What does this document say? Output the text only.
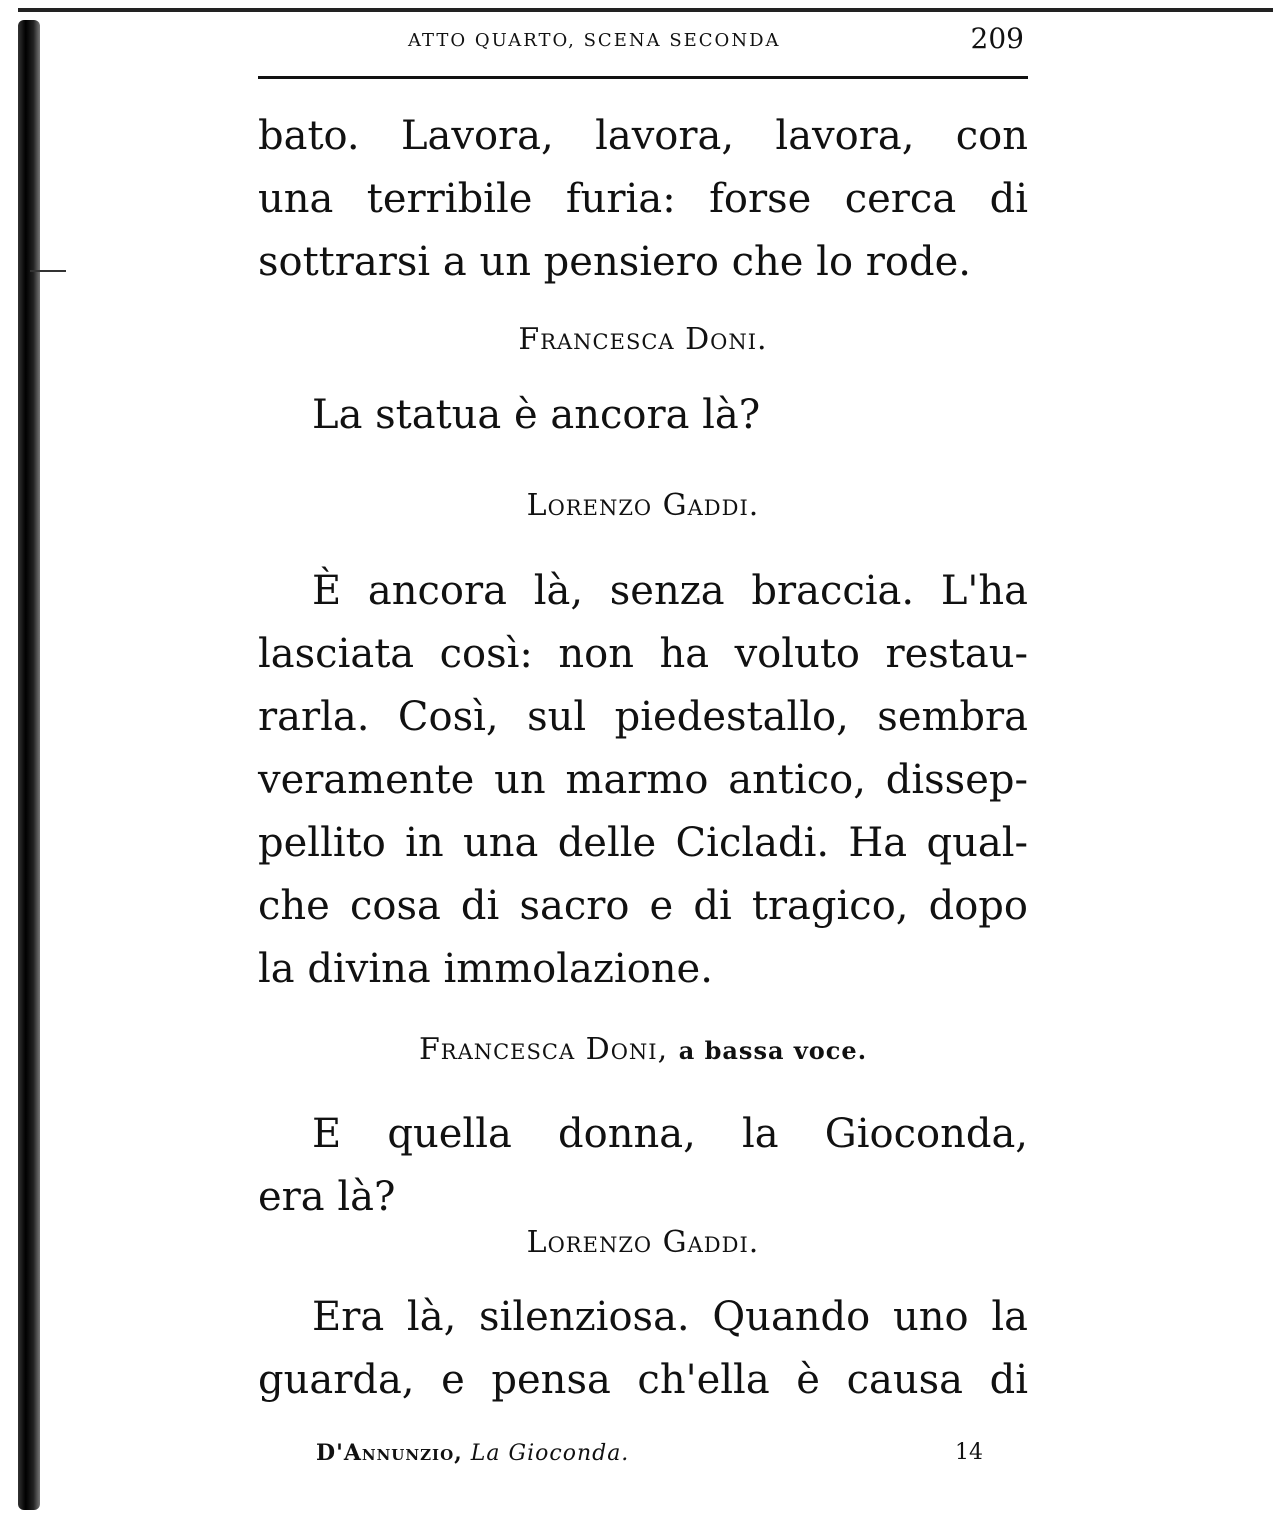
ATTO QUARTO, SCENA SECONDA	209
bato. Lavora, lavora, lavora, con
una terribile furia: forse cerca di
sottrarsi a un pensiero che lo rode.
Francesca Doni.
La statua è ancora là?
Lorenzo Gaddi.
È ancora là, senza braccia. L'ha
lasciata così: non ha voluto restau-
rarla. Così, sul piedestallo, sembra
veramente un marmo antico, dissep-
pellito in una delle Cicladi. Ha qual-
che cosa di sacro e di tragico, dopo
la divina immolazione.
Francesca Doni, a bassa voce.
E quella donna, la Gioconda,
era là?
Lorenzo Gaddi.
Era là, silenziosa. Quando uno la
guarda, e pensa ch'ella è causa di
D'Annunzio, La Gioconda.	14
